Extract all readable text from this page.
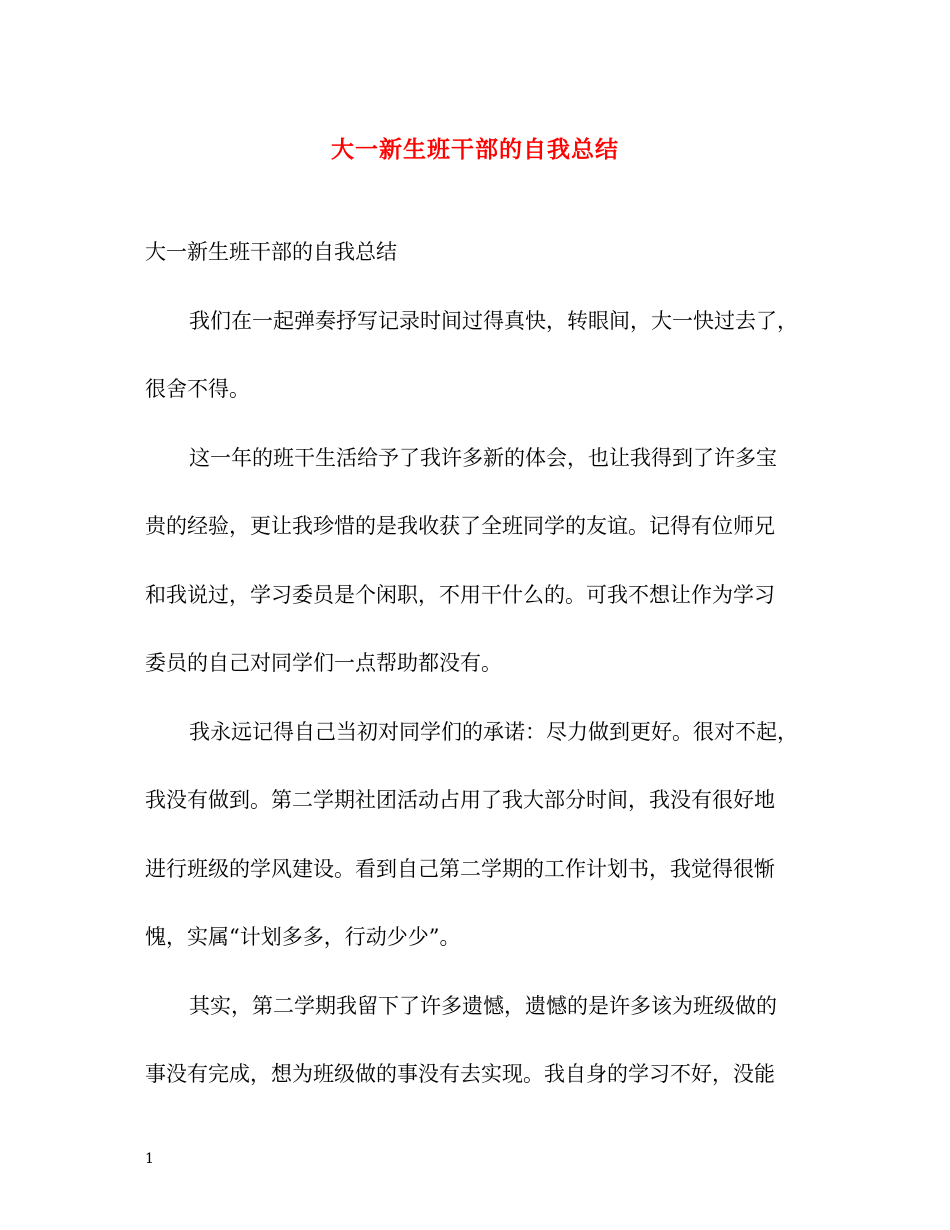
大一新生班干部的自我总结
大一新生班干部的自我总结
我们在一起弹奏抒写记录时间过得真快，转眼间，大一快过去了，
很舍不得。
这一年的班干生活给予了我许多新的体会，也让我得到了许多宝
贵的经验，更让我珍惜的是我收获了全班同学的友谊。记得有位师兄
和我说过，学习委员是个闲职，不用干什么的。可我不想让作为学习
委员的自己对同学们一点帮助都没有。
我永远记得自己当初对同学们的承诺：尽力做到更好。很对不起，
我没有做到。第二学期社团活动占用了我大部分时间，我没有很好地
进行班级的学风建设。看到自己第二学期的工作计划书，我觉得很惭
愧，实属“计划多多，行动少少”。
其实，第二学期我留下了许多遗憾，遗憾的是许多该为班级做的
事没有完成，想为班级做的事没有去实现。我自身的学习不好，没能
1
